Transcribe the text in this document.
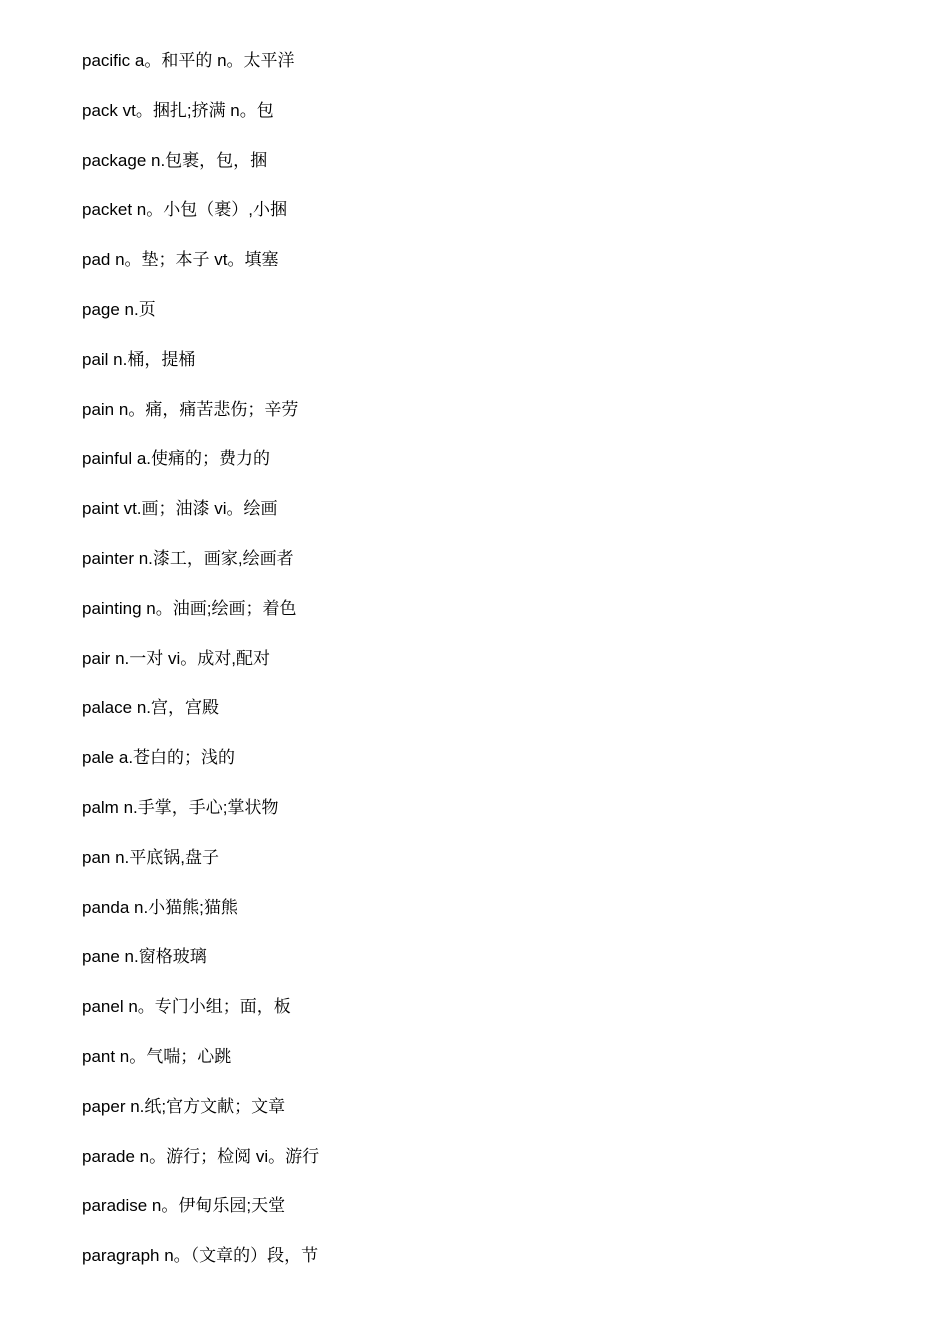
pacific a。和平的 n。太平洋
pack vt。捆扎;挤满 n。包
package n.包裹，包，捆
packet n。小包（裹）,小捆
pad n。垫；本子 vt。填塞
page n.页
pail n.桶，提桶
pain n。痛，痛苦悲伤；辛劳
painful a.使痛的；费力的
paint vt.画；油漆 vi。绘画
painter n.漆工，画家,绘画者
painting n。油画;绘画；着色
pair n.一对 vi。成对,配对
palace n.宫，宫殿
pale a.苍白的；浅的
palm n.手掌，手心;掌状物
pan n.平底锅,盘子
panda n.小猫熊;猫熊
pane n.窗格玻璃
panel n。专门小组；面，板
pant n。气喘；心跳
paper n.纸;官方文献；文章
parade n。游行；检阅 vi。游行
paradise n。伊甸乐园;天堂
paragraph n。（文章的）段，节
